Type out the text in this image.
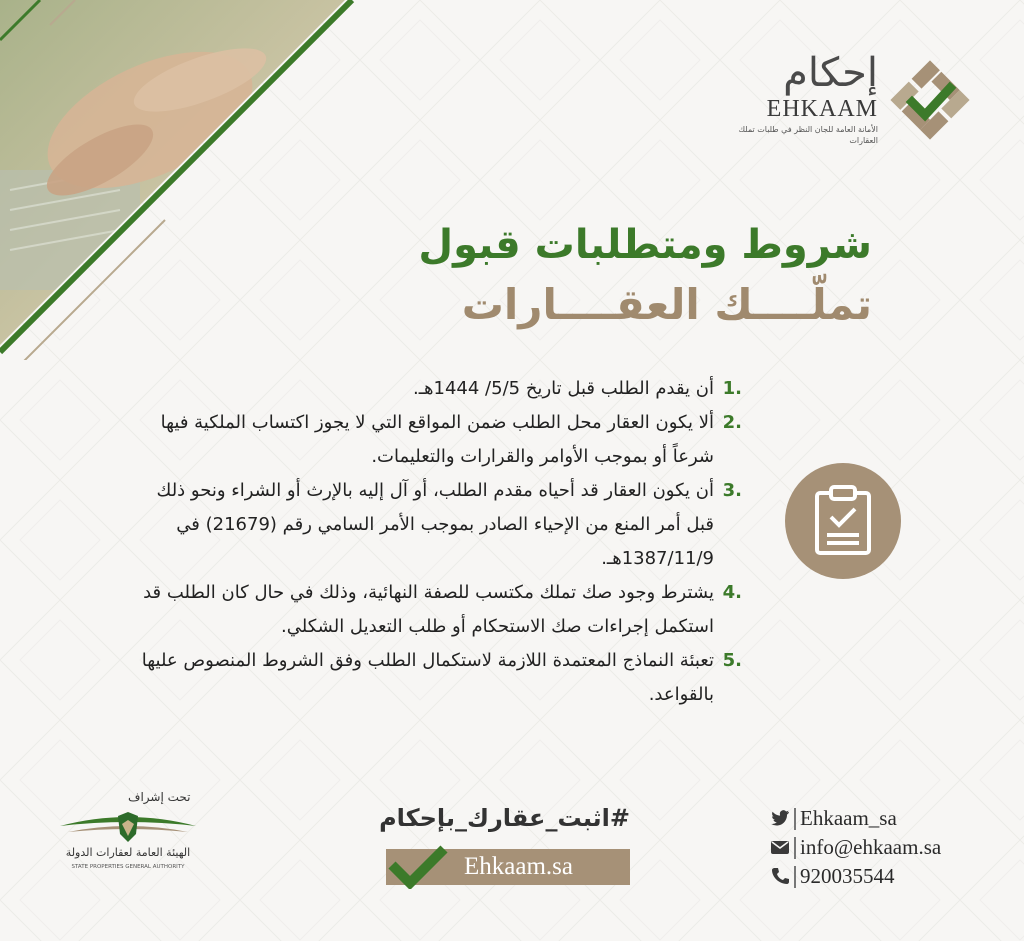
إحكام
EHKAAM
الأمانة العامة للجان النظر في طلبات تملك العقارات
شروط ومتطلبات قبول
تملّــــك العقــــارات
.1
أن يقدم الطلب قبل تاريخ 5/5/ 1444هـ.
.2
ألا يكون العقار محل الطلب ضمن المواقع التي لا يجوز اكتساب الملكية فيها شرعاً أو بموجب الأوامر والقرارات والتعليمات.
.3
أن يكون العقار قد أحياه مقدم الطلب، أو آل إليه بالإرث أو الشراء ونحو ذلك قبل أمر المنع من الإحياء الصادر بموجب الأمر السامي رقم (21679) في 1387/11/9هـ.
.4
يشترط وجود صك تملك مكتسب للصفة النهائية، وذلك في حال كان الطلب قد استكمل إجراءات صك الاستحكام أو طلب التعديل الشكلي.
.5
تعبئة النماذج المعتمدة اللازمة لاستكمال الطلب وفق الشروط المنصوص عليها بالقواعد.
#اثبت_عقارك_بإحكام
Ehkaam.sa
Ehkaam_sa
info@ehkaam.sa
920035544
تحت إشراف
الهيئة العامة لعقارات الدولة
STATE PROPERTIES GENERAL AUTHORITY
